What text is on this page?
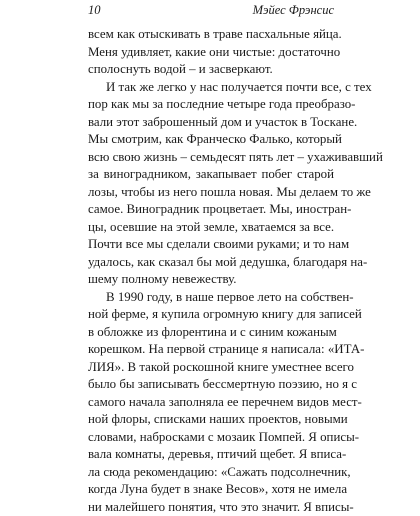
10	Мэйес Фрэнсис
всем как отыскивать в траве пасхальные яйца.
Меня удивляет, какие они чистые: достаточно
сполоснуть водой – и засверкают.
И так же легко у нас получается почти все, с тех
пор как мы за последние четыре года преобразо-
вали этот заброшенный дом и участок в Тоскане.
Мы смотрим, как Франческо Фалько, который
всю свою жизнь – семьдесят пять лет – ухаживавший
за виноградником, закапывает побег старой
лозы, чтобы из него пошла новая. Мы делаем то же
самое. Виноградник процветает. Мы, иностран-
цы, осевшие на этой земле, хватаемся за все.
Почти все мы сделали своими руками; и то нам
удалось, как сказал бы мой дедушка, благодаря на-
шему полному невежеству.
В 1990 году, в наше первое лето на собствен-
ной ферме, я купила огромную книгу для записей
в обложке из флорентина и с синим кожаным
корешком. На первой странице я написала: «ИТА-
ЛИЯ». В такой роскошной книге уместнее всего
было бы записывать бессмертную поэзию, но я с
самого начала заполняла ее перечнем видов мест-
ной флоры, списками наших проектов, новыми
словами, набросками с мозаик Помпей. Я описы-
вала комнаты, деревья, птичий щебет. Я вписа-
ла сюда рекомендацию: «Сажать подсолнечник,
когда Луна будет в знаке Весов», хотя не имела
ни малейшего понятия, что это значит. Я вписы-
